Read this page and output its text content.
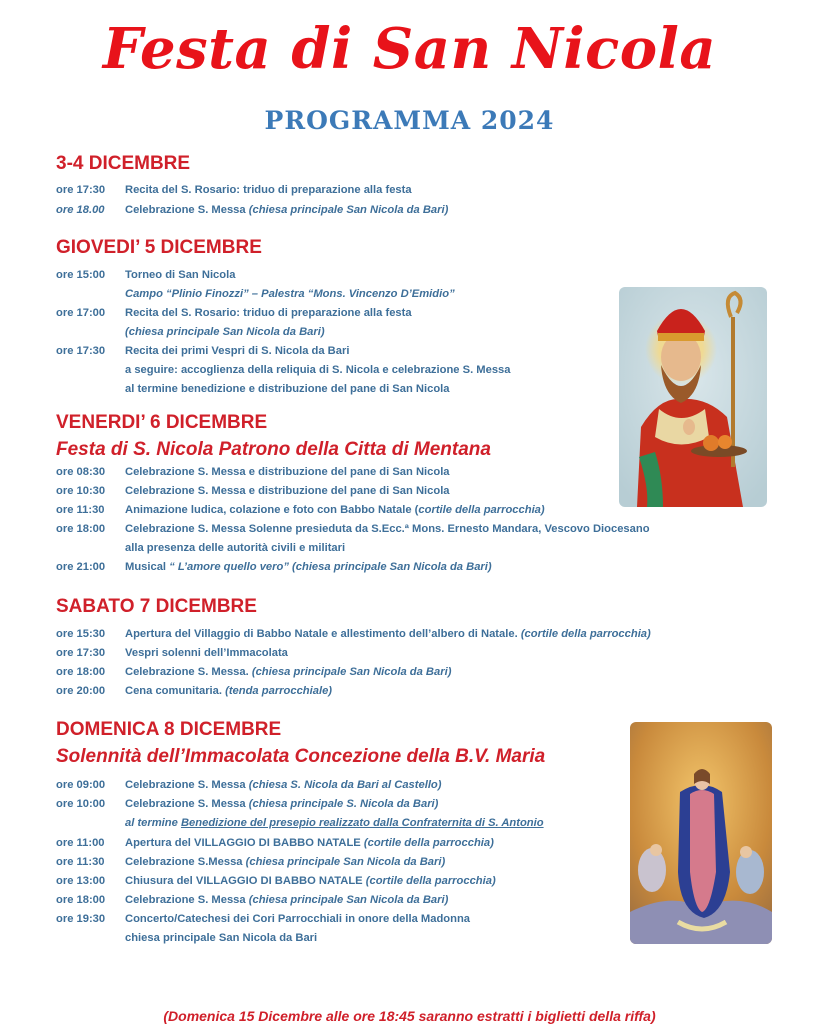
Festa di San Nicola
PROGRAMMA 2024
3-4 DICEMBRE
ore 17:30 Recita del S. Rosario: triduo di preparazione alla festa
ore 18.00 Celebrazione S. Messa (chiesa principale San Nicola da Bari)
GIOVEDI’ 5 DICEMBRE
ore 15:00 Torneo di San Nicola
Campo “Plinio Finozzi” – Palestra “Mons. Vincenzo D’Emidio”
ore 17:00 Recita del S. Rosario: triduo di preparazione alla festa
(chiesa principale San Nicola da Bari)
ore 17:30 Recita dei primi Vespri di S. Nicola da Bari
a seguire: accoglienza della reliquia di S. Nicola e celebrazione S. Messa
al termine benedizione e distribuzione del pane di San Nicola
VENERDI’ 6 DICEMBRE
Festa di S. Nicola Patrono della Citta di Mentana
ore 08:30 Celebrazione S. Messa e distribuzione del pane di San Nicola
ore 10:30 Celebrazione S. Messa e distribuzione del pane di San Nicola
ore 11:30 Animazione ludica, colazione e foto con Babbo Natale (cortile della parrocchia)
ore 18:00 Celebrazione S. Messa Solenne presieduta da S.Ecc.ª Mons. Ernesto Mandara, Vescovo Diocesano
alla presenza delle autorità civili e militari
ore 21:00 Musical “ L’amore quello vero” (chiesa principale San Nicola da Bari)
SABATO 7 DICEMBRE
ore 15:30 Apertura del Villaggio di Babbo Natale e allestimento dell’albero di Natale. (cortile della parrocchia)
ore 17:30 Vespri solenni dell’Immacolata
ore 18:00 Celebrazione S. Messa. (chiesa principale San Nicola da Bari)
ore 20:00 Cena comunitaria. (tenda parrocchiale)
DOMENICA 8 DICEMBRE
Solennità dell’Immacolata Concezione della B.V. Maria
ore 09:00 Celebrazione S. Messa (chiesa S. Nicola da Bari al Castello)
ore 10:00 Celebrazione S. Messa (chiesa principale S. Nicola da Bari)
al termine Benedizione del presepio realizzato dalla Confraternita di S. Antonio
ore 11:00 Apertura del VILLAGGIO DI BABBO NATALE (cortile della parrocchia)
ore 11:30 Celebrazione S.Messa (chiesa principale San Nicola da Bari)
ore 13:00 Chiusura del VILLAGGIO DI BABBO NATALE (cortile della parrocchia)
ore 18:00 Celebrazione S. Messa (chiesa principale San Nicola da Bari)
ore 19:30 Concerto/Catechesi dei Cori Parrocchiali in onore della Madonna
chiesa principale San Nicola da Bari
(Domenica 15 Dicembre alle ore 18:45 saranno estratti i biglietti della riffa)
